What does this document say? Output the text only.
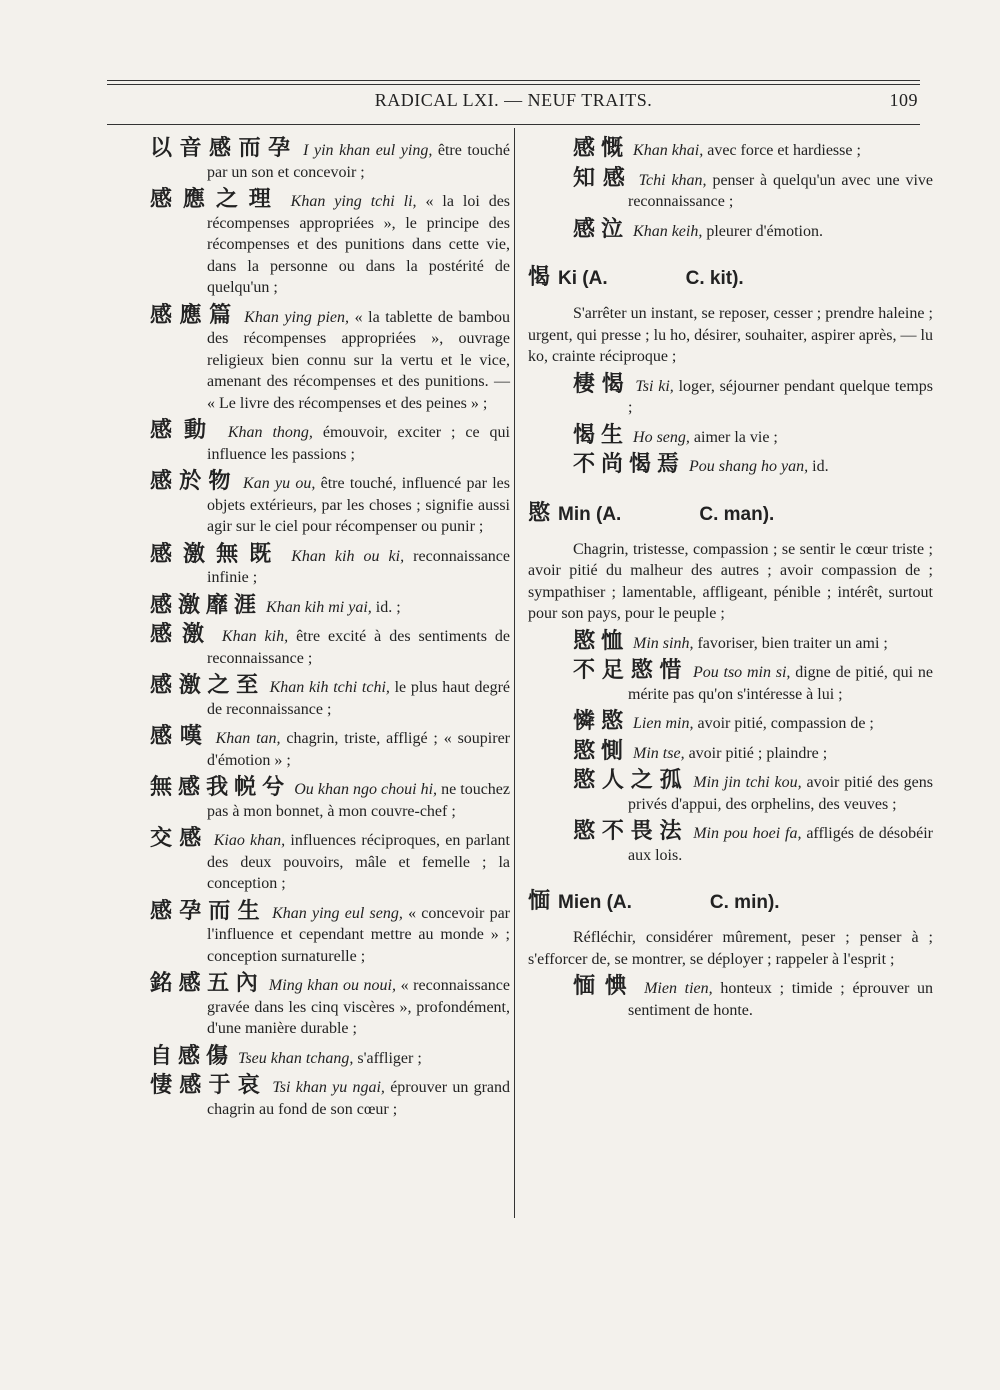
RADICAL LXI. — NEUF TRAITS.	109
以音感而孕 I yin khan eul ying, être touché par un son et concevoir ;
感應之理 Khan ying tchi li, « la loi des récompenses appropriées », le principe des récompenses et des punitions dans cette vie, dans la personne ou dans la postérité de quelqu'un ;
感應篇 Khan ying pien, « la tablette de bambou des récompenses appropriées », ouvrage religieux bien connu sur la vertu et le vice, amenant des récompenses et des punitions. — « Le livre des récompenses et des peines » ;
感動 Khan thong, émouvoir, exciter ; ce qui influence les passions ;
感於物 Kan yu ou, être touché, influencé par les objets extérieurs, par les choses ; signifie aussi agir sur le ciel pour récompenser ou punir ;
感激無既 Khan kih ou ki, reconnaissance infinie ;
感激靡涯 Khan kih mi yai, id. ;
感激 Khan kih, être excité à des sentiments de reconnaissance ;
感激之至 Khan kih tchi tchi, le plus haut degré de reconnaissance ;
感嘆 Khan tan, chagrin, triste, affligé ; « soupirer d'émotion » ;
無感我帨兮 Ou khan ngo choui hi, ne touchez pas à mon bonnet, à mon couvre-chef ;
交感 Kiao khan, influences réciproques, en parlant des deux pouvoirs, mâle et femelle ; la conception ;
感孕而生 Khan ying eul seng, « concevoir par l'influence et cependant mettre au monde » ; conception surnaturelle ;
銘感五內 Ming khan ou noui, « reconnaissance gravée dans les cinq viscères », profondément, d'une manière durable ;
自感傷 Tseu khan tchang, s'affliger ;
悽感于哀 Tsi khan yu ngai, éprouver un grand chagrin au fond de son cœur ;
感慨 Khan khai, avec force et hardiesse ;
知感 Tchi khan, penser à quelqu'un avec une vive reconnaissance ;
感泣 Khan keih, pleurer d'émotion.
愒 Ki (A.	C. kit).
S'arrêter un instant, se reposer, cesser ; prendre haleine ; urgent, qui presse ; lu ho, désirer, souhaiter, aspirer après, — lu ko, crainte réciproque ;
棲愒 Tsi ki, loger, séjourner pendant quelque temps ;
愒生 Ho seng, aimer la vie ;
不尚愒焉 Pou shang ho yan, id.
愍 Min (A.	C. man).
Chagrin, tristesse, compassion ; se sentir le cœur triste ; avoir pitié du malheur des autres ; avoir compassion de ; sympathiser ; lamentable, affligeant, pénible ; intérêt, surtout pour son pays, pour le peuple ;
愍恤 Min sinh, favoriser, bien traiter un ami ;
不足愍惜 Pou tso min si, digne de pitié, qui ne mérite pas qu'on s'intéresse à lui ;
憐愍 Lien min, avoir pitié, compassion de ;
愍惻 Min tse, avoir pitié ; plaindre ;
愍人之孤 Min jin tchi kou, avoir pitié des gens privés d'appui, des orphelins, des veuves ;
愍不畏法 Min pou hoei fa, affligés de désobéir aux lois.
愐 Mien (A.	C. min).
Réfléchir, considérer mûrement, peser ; penser à ; s'efforcer de, se montrer, se déployer ; rappeler à l'esprit ;
愐㥏 Mien tien, honteux ; timide ; éprouver un sentiment de honte.
